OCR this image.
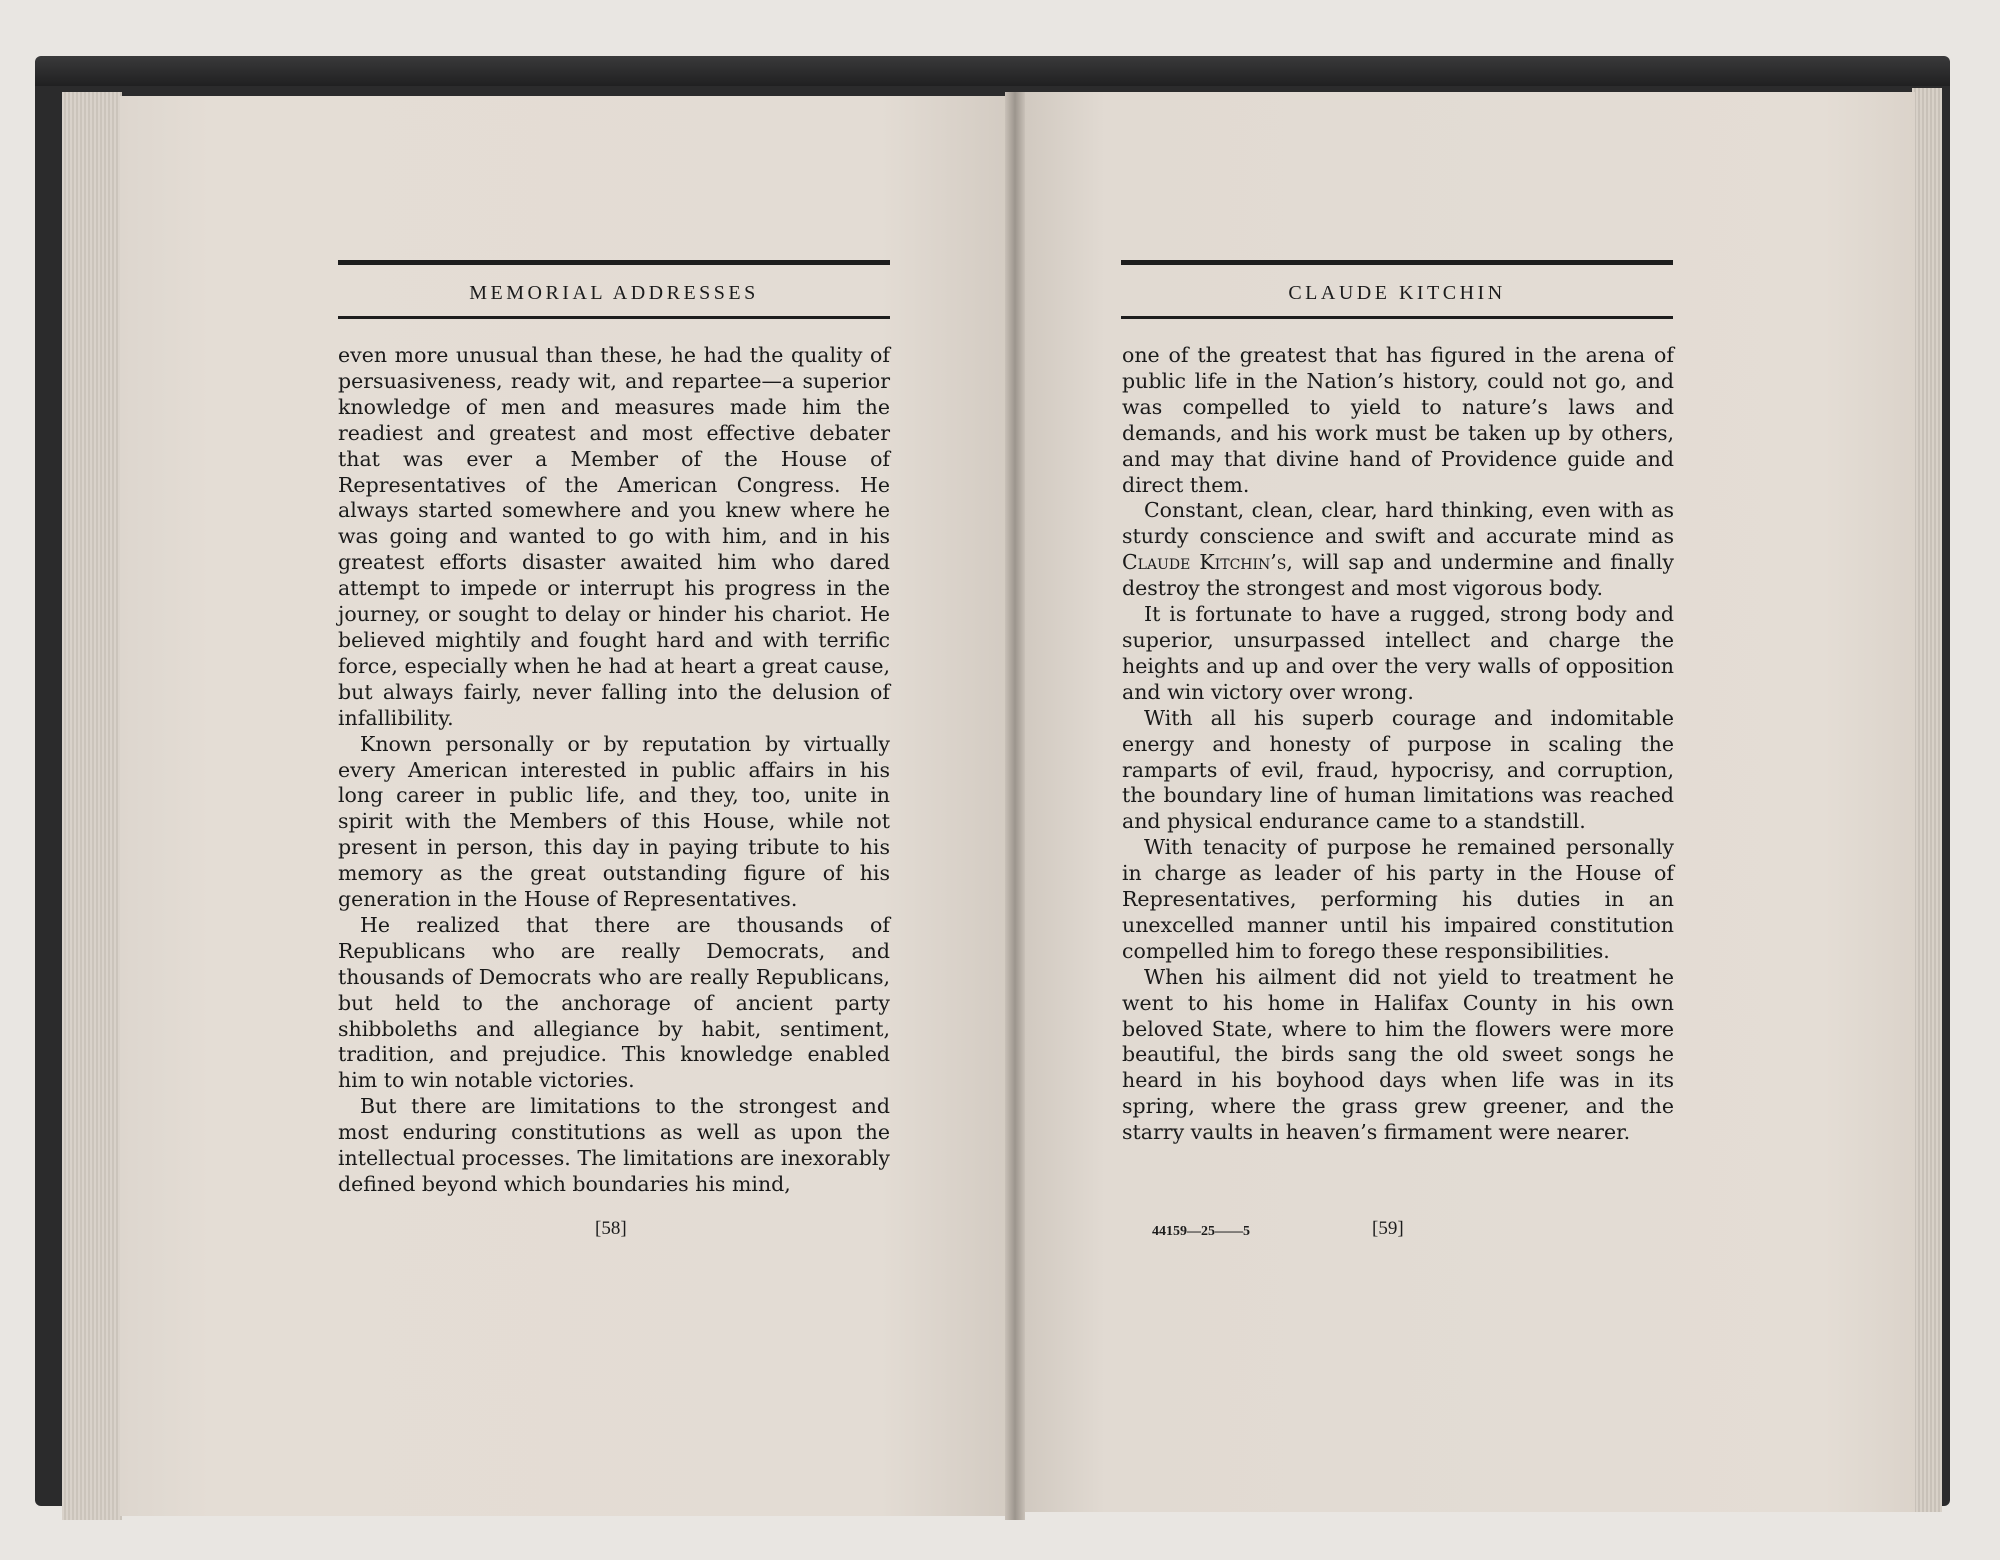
MEMORIAL ADDRESSES

even more unusual than these, he had the quality of persuasiveness, ready wit, and repartee—a superior knowledge of men and measures made him the readiest and greatest and most effective debater that was ever a Member of the House of Representatives of the American Congress. He always started somewhere and you knew where he was going and wanted to go with him, and in his greatest efforts disaster awaited him who dared attempt to impede or interrupt his progress in the journey, or sought to delay or hinder his chariot. He believed mightily and fought hard and with terrific force, especially when he had at heart a great cause, but always fairly, never falling into the delusion of infallibility.

Known personally or by reputation by virtually every American interested in public affairs in his long career in public life, and they, too, unite in spirit with the Members of this House, while not present in person, this day in paying tribute to his memory as the great outstanding figure of his generation in the House of Representatives.

He realized that there are thousands of Republicans who are really Democrats, and thousands of Democrats who are really Republicans, but held to the anchorage of ancient party shibboleths and allegiance by habit, sentiment, tradition, and prejudice. This knowledge enabled him to win notable victories.

But there are limitations to the strongest and most enduring constitutions as well as upon the intellectual processes. The limitations are inexorably defined beyond which boundaries his mind,

[58]
CLAUDE KITCHIN

one of the greatest that has figured in the arena of public life in the Nation’s history, could not go, and was compelled to yield to nature’s laws and demands, and his work must be taken up by others, and may that divine hand of Providence guide and direct them.

Constant, clean, clear, hard thinking, even with as sturdy conscience and swift and accurate mind as Claude Kitchin’s, will sap and undermine and finally destroy the strongest and most vigorous body.

It is fortunate to have a rugged, strong body and superior, unsurpassed intellect and charge the heights and up and over the very walls of opposition and win victory over wrong.

With all his superb courage and indomitable energy and honesty of purpose in scaling the ramparts of evil, fraud, hypocrisy, and corruption, the boundary line of human limitations was reached and physical endurance came to a standstill.

With tenacity of purpose he remained personally in charge as leader of his party in the House of Representatives, performing his duties in an unexcelled manner until his impaired constitution compelled him to forego these responsibilities.

When his ailment did not yield to treatment he went to his home in Halifax County in his own beloved State, where to him the flowers were more beautiful, the birds sang the old sweet songs he heard in his boyhood days when life was in its spring, where the grass grew greener, and the starry vaults in heaven’s firmament were nearer.

44159—25——5	[59]
